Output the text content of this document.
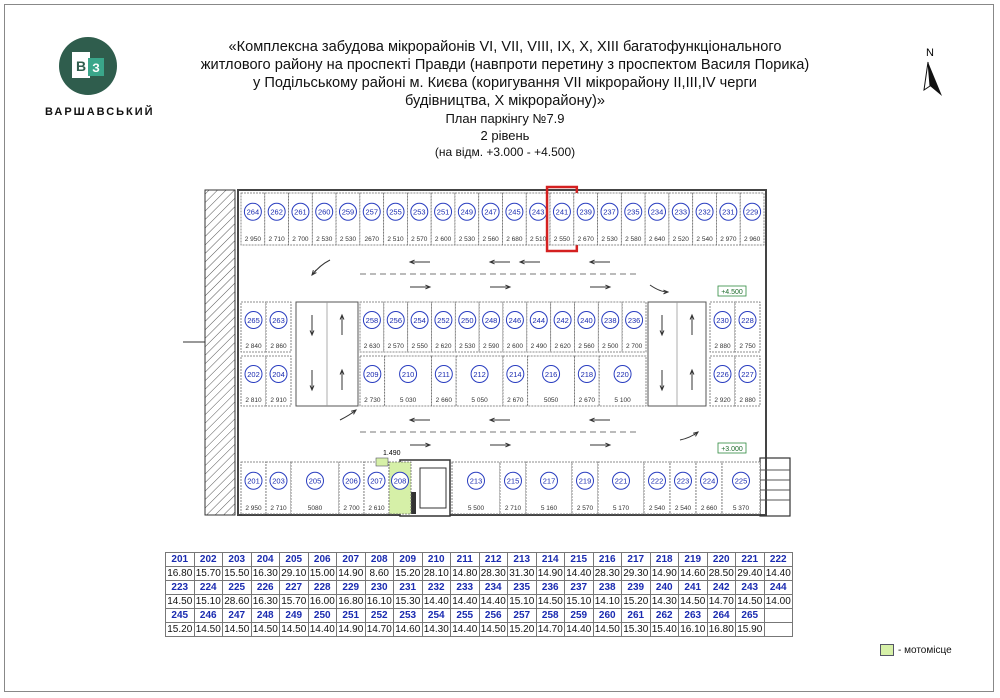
В З
ВАРШАВСЬКИЙ
N
«Комплексна забудова мікрорайонів VI, VII, VIII, IX, X, XIII багатофункціонального
житлового району на проспекті Правди (навпроти перетину з проспектом Василя Порика)
у Подільському районі м. Києва (коригування VII мікрорайону II,III,IV черги
будівництва, X мікрорайону)»
План паркінгу №7.9
2 рівень
(на відм. +3.000 - +4.500)
264
2 950
262
2 710
261
2 700
260
2 530
259
2 530
257
2670
255
2 510
253
2 570
251
2 600
249
2 530
247
2 560
245
2 680
243
2 510
241
2 550
239
2 670
237
2 530
235
2 580
234
2 640
233
2 520
232
2 540
231
2 970
229
2 960
258
2 630
256
2 570
254
2 550
252
2 620
250
2 530
248
2 590
246
2 600
244
2 490
242
2 620
240
2 560
238
2 500
236
2 700
209
2 730
210
5 030
211
2 660
212
5 050
214
2 670
216
5050
218
2 670
220
5 100
265
2 840
263
2 860
202
2 810
204
2 910
230
2 880
228
2 750
226
2 920
227
2 880
201
2 950
203
2 710
205
5080
206
2 700
207
2 610
208	213
5 500
215
2 710
217
5 160
219
2 570
221
5 170
222
2 540
223
2 540
224
2 660
225
5 370
+4.500
+3.000
1.490
201	202	203	204	205	206	207	208	209	210	211	212	213	214	215	216	217	218	219	220	221	222
16.80	15.70	15.50	16.30	29.10	15.00	14.90	8.60	15.20	28.10	14.80	28.30	31.30	14.90	14.40	28.30	29.30	14.90	14.60	28.50	29.40	14.40
223	224	225	226	227	228	229	230	231	232	233	234	235	236	237	238	239	240	241	242	243	244
14.50	15.10	28.60	16.30	15.70	16.00	16.80	16.10	15.30	14.40	14.40	14.40	15.10	14.50	15.10	14.10	15.20	14.30	14.50	14.70	14.50	14.00
245	246	247	248	249	250	251	252	253	254	255	256	257	258	259	260	261	262	263	264	265	
15.20	14.50	14.50	14.50	14.50	14.40	14.90	14.70	14.60	14.30	14.40	14.50	15.20	14.70	14.40	14.50	15.30	15.40	16.10	16.80	15.90	
- мотомісце
